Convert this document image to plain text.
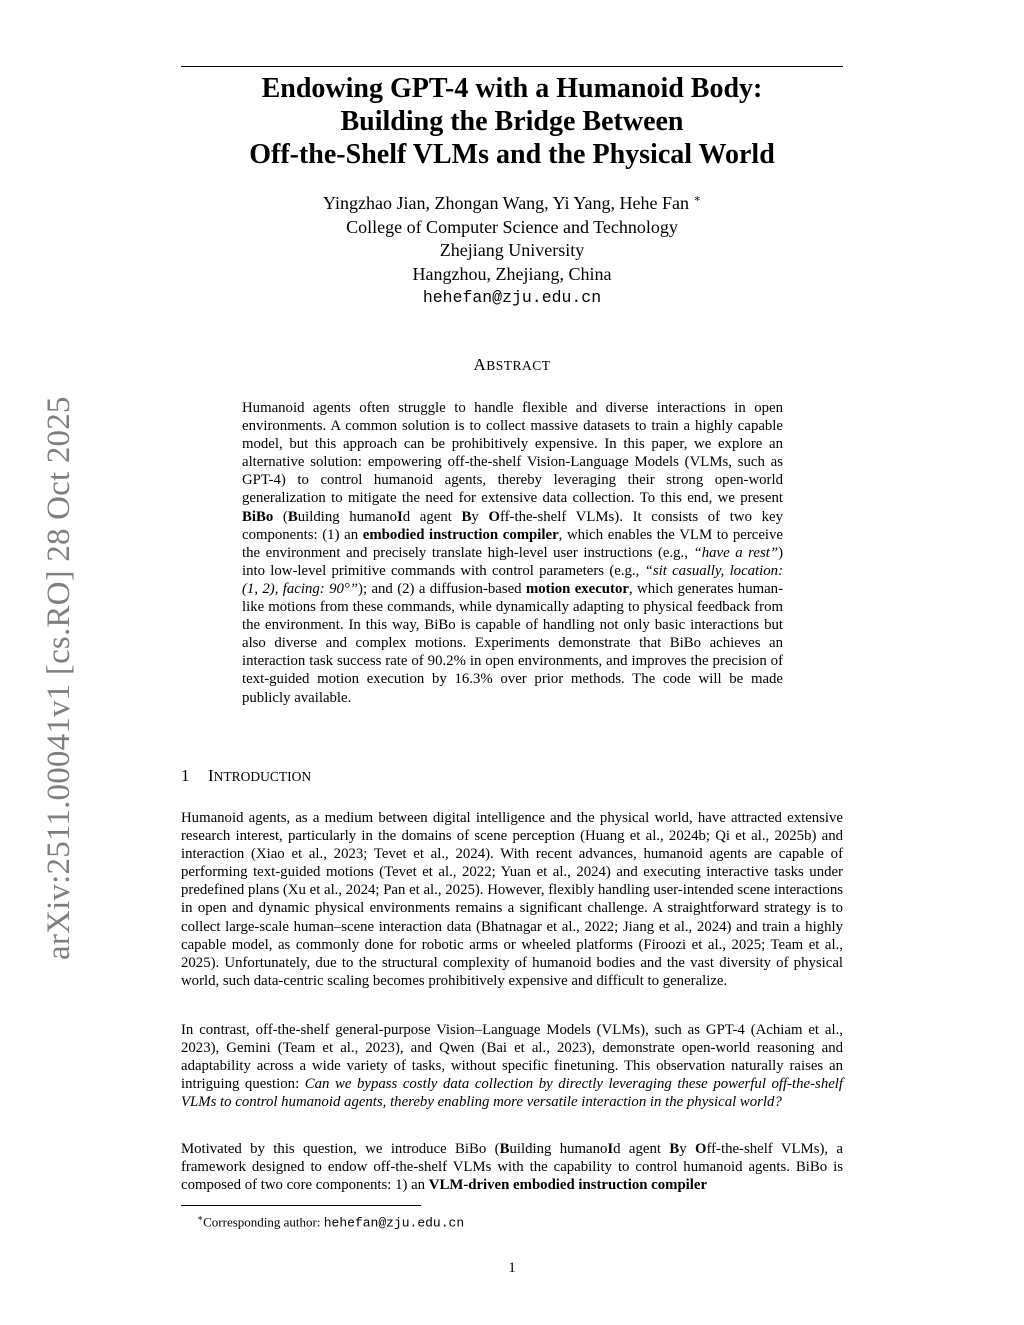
arXiv:2511.00041v1 [cs.RO] 28 Oct 2025
Endowing GPT-4 with a Humanoid Body:
Building the Bridge Between
Off-the-Shelf VLMs and the Physical World
Yingzhao Jian, Zhongan Wang, Yi Yang, Hehe Fan ∗
College of Computer Science and Technology
Zhejiang University
Hangzhou, Zhejiang, China
hehefan@zju.edu.cn
ABSTRACT
Humanoid agents often struggle to handle flexible and diverse interactions in open environments. A common solution is to collect massive datasets to train a highly capable model, but this approach can be prohibitively expensive. In this paper, we explore an alternative solution: empowering off-the-shelf Vision-Language Models (VLMs, such as GPT-4) to control humanoid agents, thereby leveraging their strong open-world generalization to mitigate the need for extensive data collection. To this end, we present BiBo (Building humanoId agent By Off-the-shelf VLMs). It consists of two key components: (1) an embodied instruction compiler, which enables the VLM to perceive the environment and precisely translate high-level user instructions (e.g., “have a rest”) into low-level primitive commands with control parameters (e.g., “sit casually, location: (1, 2), facing: 90°”); and (2) a diffusion-based motion executor, which generates human-like motions from these commands, while dynamically adapting to physical feedback from the environment. In this way, BiBo is capable of handling not only basic interactions but also diverse and complex motions. Experiments demonstrate that BiBo achieves an interaction task success rate of 90.2% in open environments, and improves the precision of text-guided motion execution by 16.3% over prior methods. The code will be made publicly available.
1 INTRODUCTION
Humanoid agents, as a medium between digital intelligence and the physical world, have attracted extensive research interest, particularly in the domains of scene perception (Huang et al., 2024b; Qi et al., 2025b) and interaction (Xiao et al., 2023; Tevet et al., 2024). With recent advances, humanoid agents are capable of performing text-guided motions (Tevet et al., 2022; Yuan et al., 2024) and executing interactive tasks under predefined plans (Xu et al., 2024; Pan et al., 2025). However, flexibly handling user-intended scene interactions in open and dynamic physical environments remains a significant challenge. A straightforward strategy is to collect large-scale human–scene interaction data (Bhatnagar et al., 2022; Jiang et al., 2024) and train a highly capable model, as commonly done for robotic arms or wheeled platforms (Firoozi et al., 2025; Team et al., 2025). Unfortunately, due to the structural complexity of humanoid bodies and the vast diversity of physical world, such data-centric scaling becomes prohibitively expensive and difficult to generalize.
In contrast, off-the-shelf general-purpose Vision–Language Models (VLMs), such as GPT-4 (Achiam et al., 2023), Gemini (Team et al., 2023), and Qwen (Bai et al., 2023), demonstrate open-world reasoning and adaptability across a wide variety of tasks, without specific finetuning. This observation naturally raises an intriguing question: Can we bypass costly data collection by directly leveraging these powerful off-the-shelf VLMs to control humanoid agents, thereby enabling more versatile interaction in the physical world?
Motivated by this question, we introduce BiBo (Building humanoId agent By Off-the-shelf VLMs), a framework designed to endow off-the-shelf VLMs with the capability to control humanoid agents. BiBo is composed of two core components: 1) an VLM-driven embodied instruction compiler
∗Corresponding author: hehefan@zju.edu.cn
1
